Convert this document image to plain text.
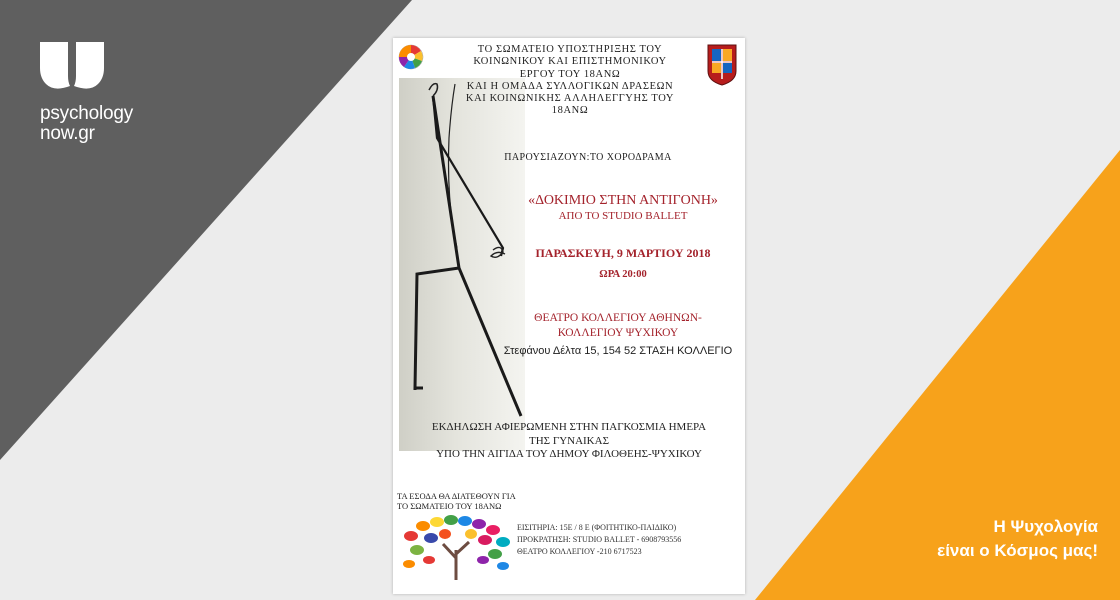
psychology
now.gr
Η Ψυχολογία
είναι ο Κόσμος μας!
ΤΟ ΣΩΜΑΤΕΙΟ ΥΠΟΣΤΗΡΙΞΗΣ ΤΟΥ
ΚΟΙΝΩΝΙΚΟΥ ΚΑΙ ΕΠΙΣΤΗΜΟΝΙΚΟΥ
ΕΡΓΟΥ ΤΟΥ 18ΑΝΩ
ΚΑΙ Η ΟΜΑΔΑ ΣΥΛΛΟΓΙΚΩΝ ΔΡΑΣΕΩΝ
ΚΑΙ ΚΟΙΝΩΝΙΚΗΣ ΑΛΛΗΛΕΓΓΥΗΣ ΤΟΥ
18ΑΝΩ
ΠΑΡΟΥΣΙΑΖΟΥΝ:ΤΟ ΧΟΡΟΔΡΑΜΑ
«ΔΟΚΙΜΙΟ ΣΤΗΝ ΑΝΤΙΓΟΝΗ»
ΑΠΟ ΤΟ STUDIO BALLET
ΠΑΡΑΣΚΕΥΗ, 9 ΜΑΡΤΙΟΥ 2018
ΩΡΑ 20:00
ΘΕΑΤΡΟ ΚΟΛΛΕΓΙΟΥ ΑΘΗΝΩΝ-
ΚΟΛΛΕΓΙΟΥ ΨΥΧΙΚΟΥ
Στεφάνου Δέλτα 15, 154 52 ΣΤΑΣΗ ΚΟΛΛΕΓΙΟ
ΕΚΔΗΛΩΣΗ ΑΦΙΕΡΩΜΕΝΗ ΣΤΗΝ ΠΑΓΚΟΣΜΙΑ ΗΜΕΡΑ
ΤΗΣ ΓΥΝΑΙΚΑΣ
ΥΠΟ ΤΗΝ ΑΙΓΙΔΑ ΤΟΥ ΔΗΜΟΥ ΦΙΛΟΘΕΗΣ-ΨΥΧΙΚΟΥ
ΤΑ ΕΣΟΔΑ ΘΑ ΔΙΑΤΕΘΟΥΝ ΓΙΑ
ΤΟ ΣΩΜΑΤΕΙΟ ΤΟΥ 18ΑΝΩ
ΕΙΣΙΤΗΡΙΑ: 15Ε / 8 Ε (ΦΟΙΤΗΤΙΚΟ-ΠΑΙΔΙΚΟ)
ΠΡΟΚΡΑΤΗΣΗ: STUDIO BALLET - 6908793556
ΘΕΑΤΡΟ ΚΟΛΛΕΓΙΟΥ -210 6717523
